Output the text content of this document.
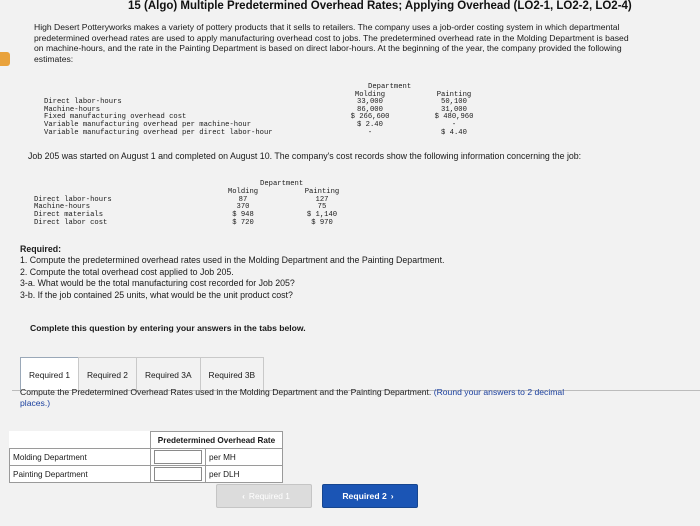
15 (Algo) Multiple Predetermined Overhead Rates; Applying Overhead (LO2-1, LO2-2, LO2-4)
High Desert Potteryworks makes a variety of pottery products that it sells to retailers. The company uses a job-order costing system in which departmental predetermined overhead rates are used to apply manufacturing overhead cost to jobs. The predetermined overhead rate in the Molding Department is based on machine-hours, and the rate in the Painting Department is based on direct labor-hours. At the beginning of the year, the company provided the following estimates:
Department
Molding	Painting
Direct labor-hours	33,000	50,100
Machine-hours	86,000	31,000
Fixed manufacturing overhead cost	$ 266,600	$ 480,960
Variable manufacturing overhead per machine-hour	$ 2.40	-
Variable manufacturing overhead per direct labor-hour	-	$ 4.40
Job 205 was started on August 1 and completed on August 10. The company's cost records show the following information concerning the job:
Department
Molding	Painting
Direct labor-hours	87	127
Machine-hours	370	75
Direct materials	$ 948	$ 1,140
Direct labor cost	$ 720	$ 970
Required:
1. Compute the predetermined overhead rates used in the Molding Department and the Painting Department.
2. Compute the total overhead cost applied to Job 205.
3-a. What would be the total manufacturing cost recorded for Job 205?
3-b. If the job contained 25 units, what would be the unit product cost?
Complete this question by entering your answers in the tabs below.
Required 1	Required 2	Required 3A	Required 3B
Compute the Predetermined Overhead Rates used in the Molding Department and the Painting Department. (Round your answers to 2 decimal places.)
	Predetermined Overhead Rate	
Molding Department		per MH
Painting Department		per DLH
‹ Required 1	Required 2 ›
